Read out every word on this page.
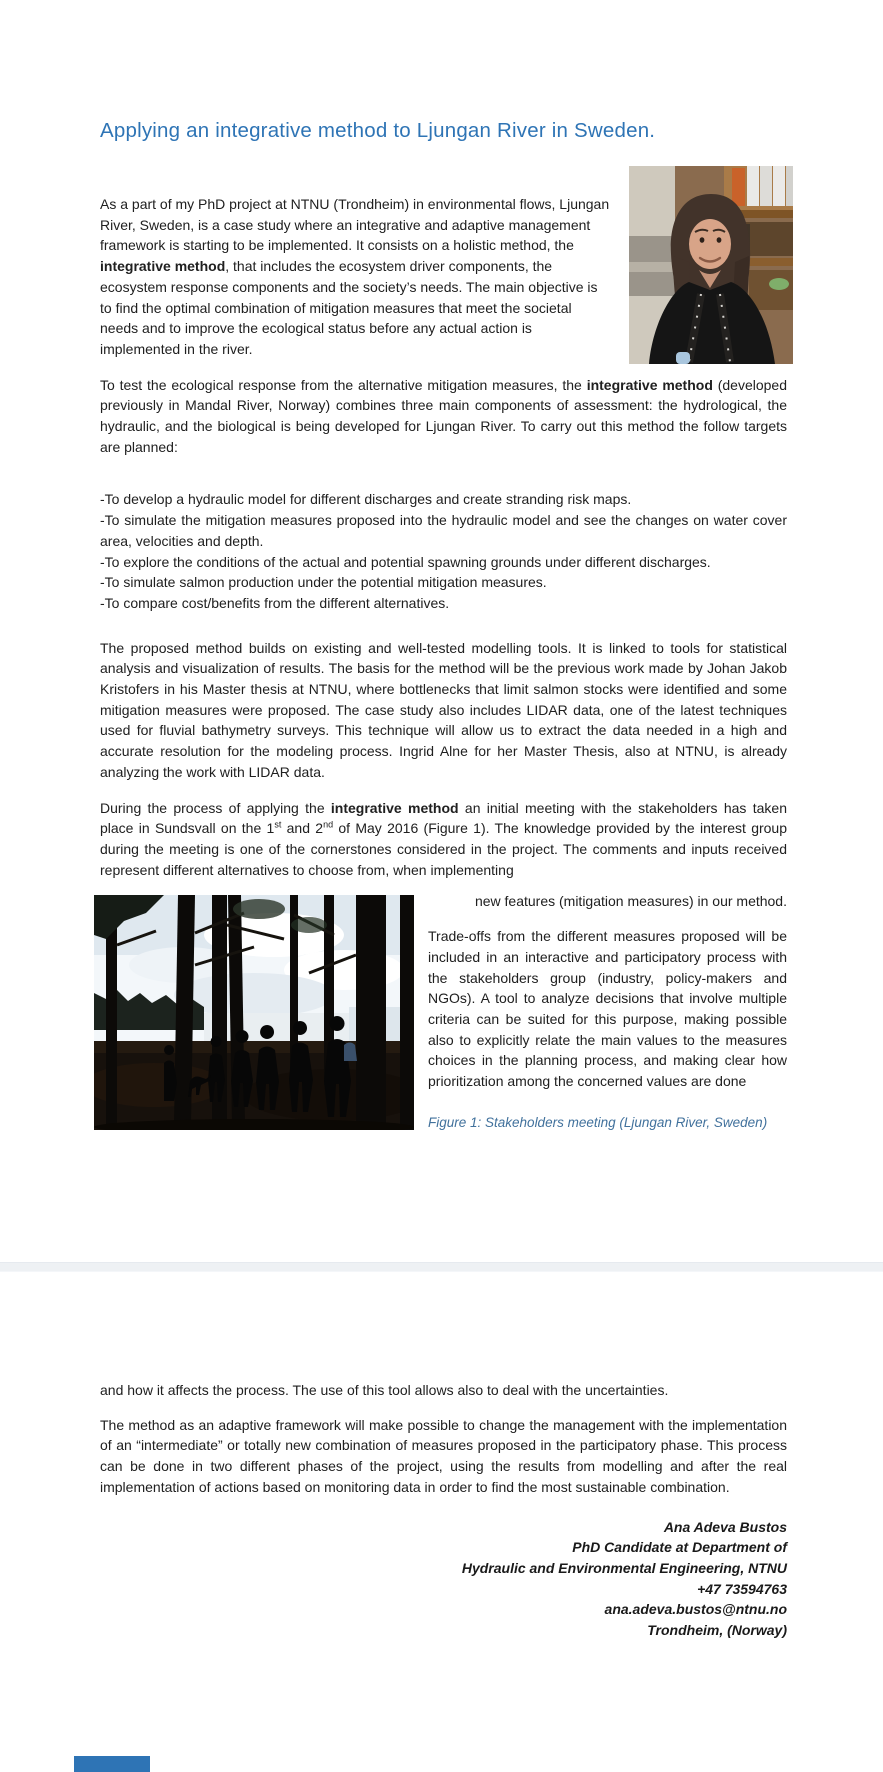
Applying an integrative method to Ljungan River in Sweden.

As a part of my PhD project at NTNU (Trondheim) in environmental flows, Ljungan River, Sweden, is a case study where an integrative and adaptive management framework is starting to be implemented. It consists on a holistic method, the integrative method, that includes the ecosystem driver components, the ecosystem response components and the society’s needs. The main objective is to find the optimal combination of mitigation measures that meet the societal needs and to improve the ecological status before any actual action is implemented in the river.

To test the ecological response from the alternative mitigation measures, the integrative method (developed previously in Mandal River, Norway) combines three main components of assessment: the hydrological, the hydraulic, and the biological is being developed for Ljungan River. To carry out this method the follow targets are planned:

-To develop a hydraulic model for different discharges and create stranding risk maps.

-To simulate the mitigation measures proposed into the hydraulic model and see the changes on water cover area, velocities and depth.

-To explore the conditions of the actual and potential spawning grounds under different discharges.

-To simulate salmon production under the potential mitigation measures.

-To compare cost/benefits from the different alternatives.

The proposed method builds on existing and well-tested modelling tools. It is linked to tools for statistical analysis and visualization of results. The basis for the method will be the previous work made by Johan Jakob Kristofers in his Master thesis at NTNU, where bottlenecks that limit salmon stocks were identified and some mitigation measures were proposed. The case study also includes LIDAR data, one of the latest techniques used for fluvial bathymetry surveys. This technique will allow us to extract the data needed in a high and accurate resolution for the modeling process. Ingrid Alne for her Master Thesis, also at NTNU, is already analyzing the work with LIDAR data.

During the process of applying the integrative method an initial meeting with the stakeholders has taken place in Sundsvall on the 1st and 2nd of May 2016 (Figure 1). The knowledge provided by the interest group during the meeting is one of the cornerstones considered in the project. The comments and inputs received represent different alternatives to choose from, when implementing

new features (mitigation measures) in our method.

Trade-offs from the different measures proposed will be included in an interactive and participatory process with the stakeholders group (industry, policy-makers and NGOs). A tool to analyze decisions that involve multiple criteria can be suited for this purpose, making possible also to explicitly relate the main values to the measures choices in the planning process, and making clear how prioritization among the concerned values are done

Figure 1: Stakeholders meeting (Ljungan River, Sweden)

and how it affects the process. The use of this tool allows also to deal with the uncertainties.

The method as an adaptive framework will make possible to change the management with the implementation of an “intermediate” or totally new combination of measures proposed in the participatory phase. This process can be done in two different phases of the project, using the results from modelling and after the real implementation of actions based on monitoring data in order to find the most sustainable combination.

Ana Adeva Bustos
PhD Candidate at Department of
Hydraulic and Environmental Engineering, NTNU
+47 73594763
ana.adeva.bustos@ntnu.no
Trondheim, (Norway)
